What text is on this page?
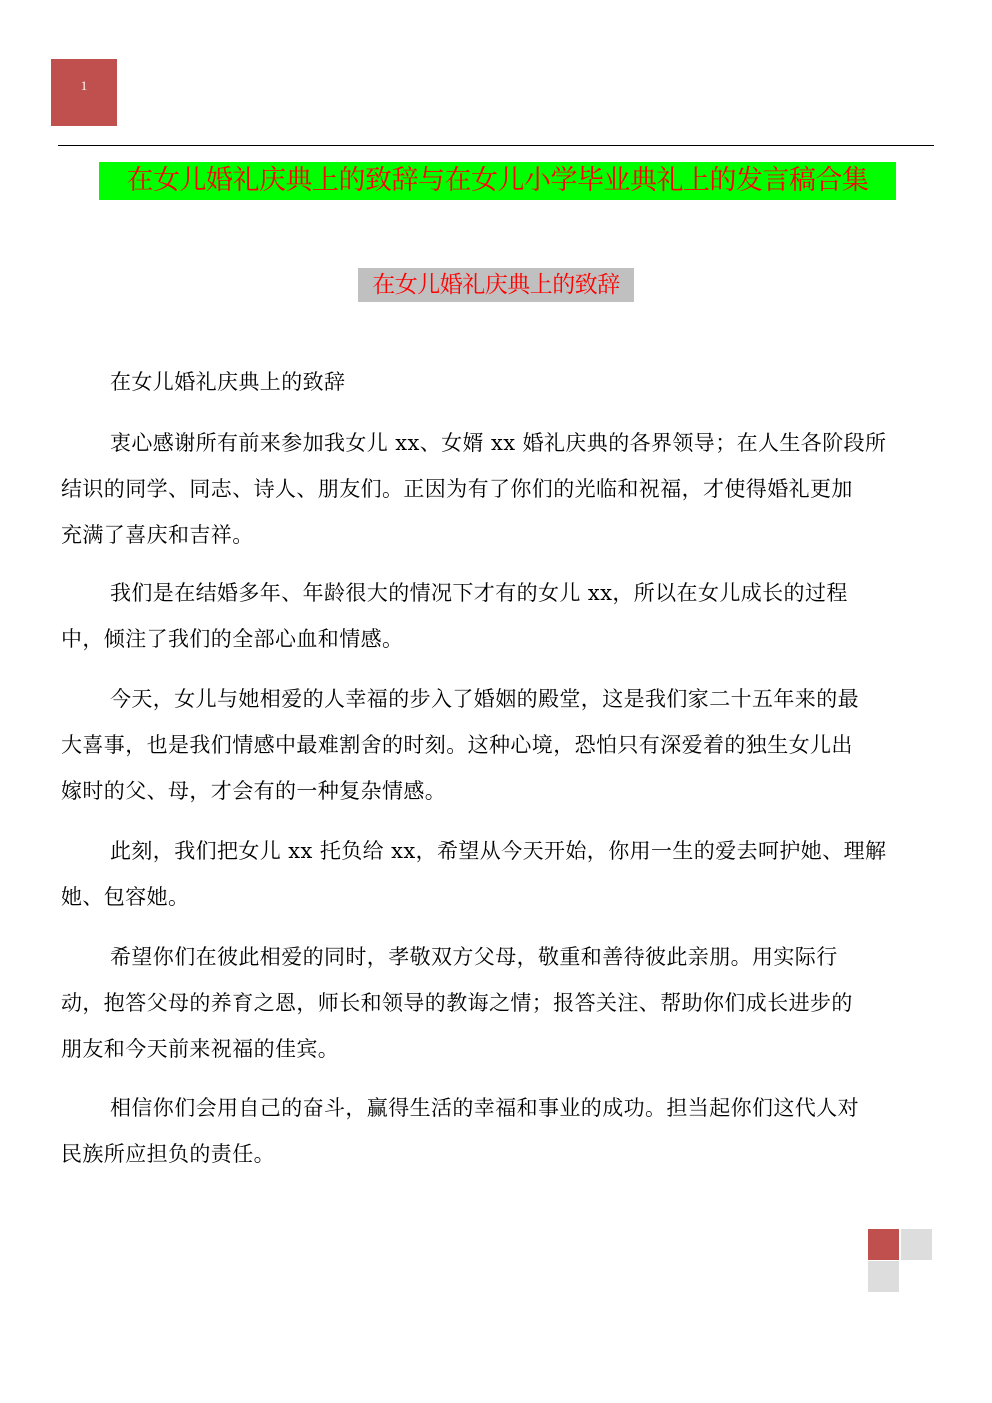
1
在女儿婚礼庆典上的致辞与在女儿小学毕业典礼上的发言稿合集
在女儿婚礼庆典上的致辞
在女儿婚礼庆典上的致辞
衷心感谢所有前来参加我女儿 xx、女婿 xx 婚礼庆典的各界领导；在人生各阶段所
结识的同学、同志、诗人、朋友们。正因为有了你们的光临和祝福，才使得婚礼更加
充满了喜庆和吉祥。
我们是在结婚多年、年龄很大的情况下才有的女儿 xx，所以在女儿成长的过程
中，倾注了我们的全部心血和情感。
今天，女儿与她相爱的人幸福的步入了婚姻的殿堂，这是我们家二十五年来的最
大喜事，也是我们情感中最难割舍的时刻。这种心境，恐怕只有深爱着的独生女儿出
嫁时的父、母，才会有的一种复杂情感。
此刻，我们把女儿 xx 托负给 xx，希望从今天开始，你用一生的爱去呵护她、理解
她、包容她。
希望你们在彼此相爱的同时，孝敬双方父母，敬重和善待彼此亲朋。用实际行
动，抱答父母的养育之恩，师长和领导的教诲之情；报答关注、帮助你们成长进步的
朋友和今天前来祝福的佳宾。
相信你们会用自己的奋斗，赢得生活的幸福和事业的成功。担当起你们这代人对
民族所应担负的责任。
